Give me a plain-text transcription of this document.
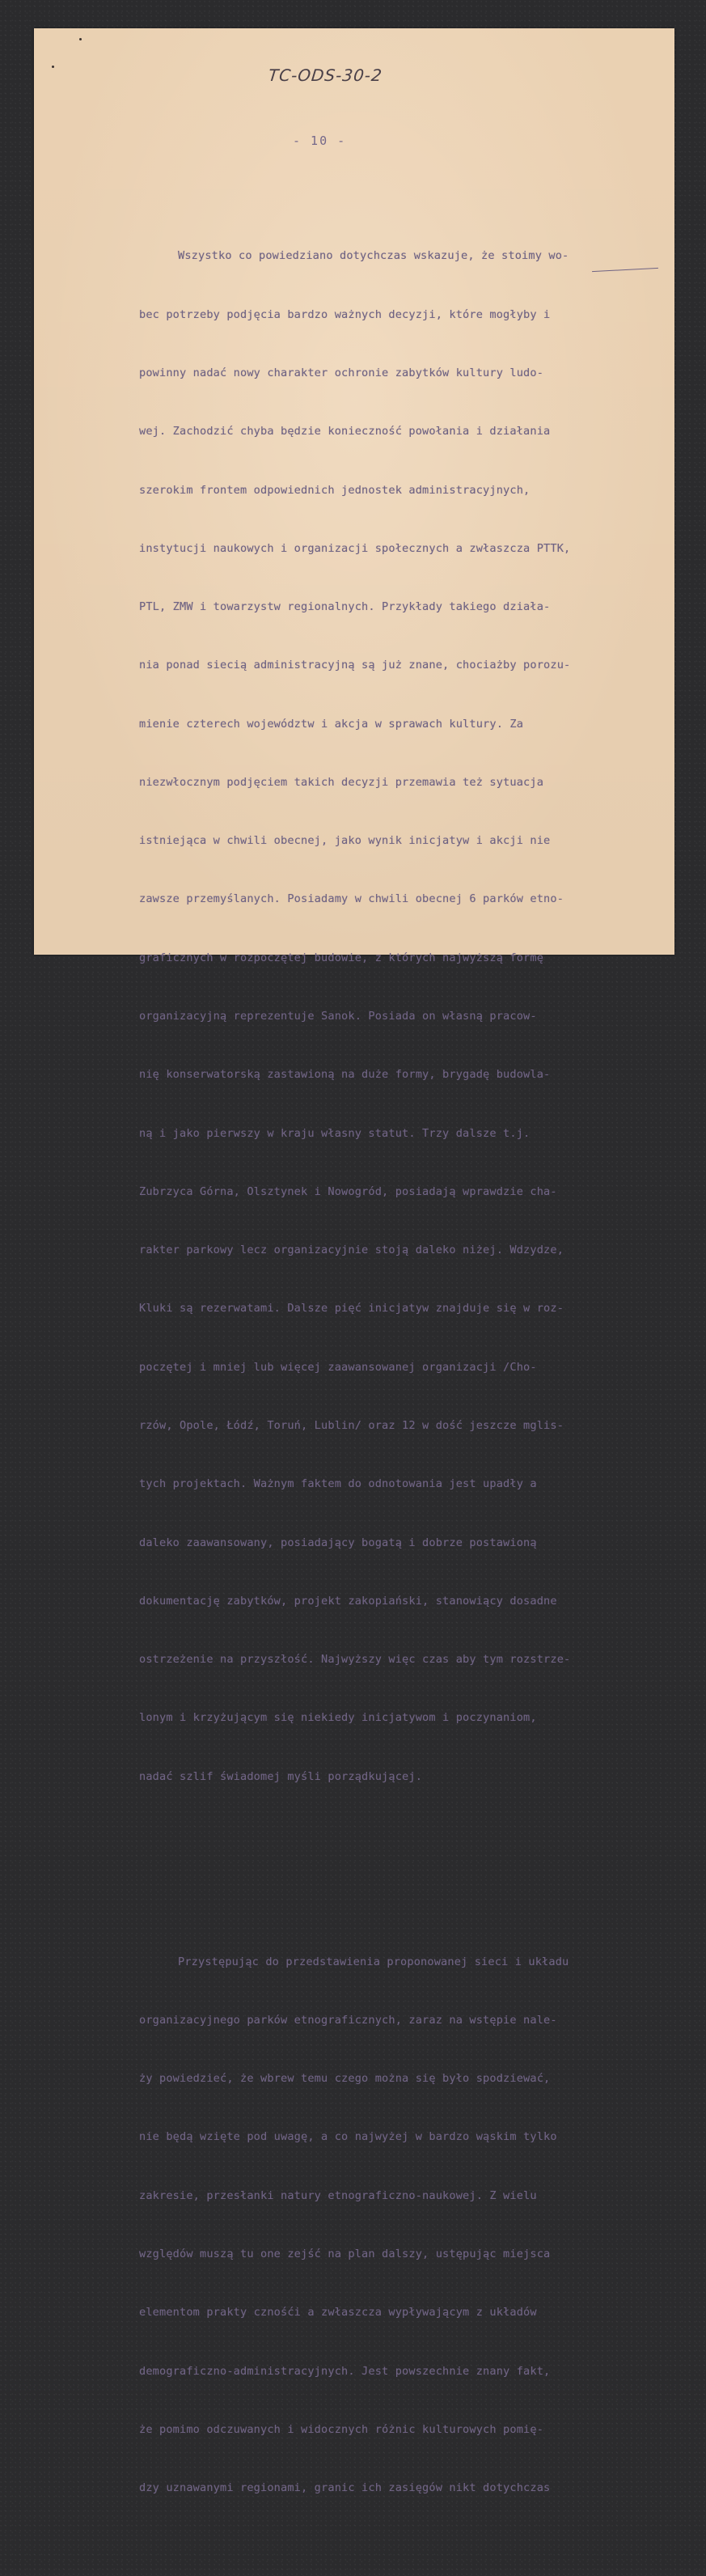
TC-ODS-30-2
- 10 -

Wszystko co powiedziano dotychczas wskazuje, że stoimy wo-

bec potrzeby podjęcia bardzo ważnych decyzji, które mogłyby i

powinny nadać nowy charakter ochronie zabytków kultury ludo-

wej. Zachodzić chyba będzie konieczność powołania i działania

szerokim frontem odpowiednich jednostek administracyjnych,

instytucji naukowych i organizacji społecznych a zwłaszcza PTTK,

PTL, ZMW i towarzystw regionalnych. Przykłady takiego działa-

nia ponad siecią administracyjną są już znane, chociażby porozu-

mienie czterech województw i akcja w sprawach kultury. Za

niezwłocznym podjęciem takich decyzji przemawia też sytuacja

istniejąca w chwili obecnej, jako wynik inicjatyw i akcji nie

zawsze przemyślanych. Posiadamy w chwili obecnej 6 parków etno-

graficznych w rozpoczętej budowie, z których najwyższą formę

organizacyjną reprezentuje Sanok. Posiada on własną pracow-

nię konserwatorską zastawioną na duże formy, brygadę budowla-

ną i jako pierwszy w kraju własny statut. Trzy dalsze t.j.

Zubrzyca Górna, Olsztynek i Nowogród, posiadają wprawdzie cha-

rakter parkowy lecz organizacyjnie stoją daleko niżej. Wdzydze,

Kluki są rezerwatami. Dalsze pięć inicjatyw znajduje się w roz-

poczętej i mniej lub więcej zaawansowanej organizacji /Cho-

rzów, Opole, Łódź, Toruń, Lublin/ oraz 12 w dość jeszcze mglis-

tych projektach. Ważnym faktem do odnotowania jest upadły a

daleko zaawansowany, posiadający bogatą i dobrze postawioną

dokumentację zabytków, projekt zakopiański, stanowiący dosadne

ostrzeżenie na przyszłość. Najwyższy więc czas aby tym rozstrze-

lonym i krzyżującym się niekiedy inicjatywom i poczynaniom,

nadać szlif świadomej myśli porządkującej.

Przystępując do przedstawienia proponowanej sieci i układu

organizacyjnego parków etnograficznych, zaraz na wstępie nale-

ży powiedzieć, że wbrew temu czego można się było spodziewać,

nie będą wzięte pod uwagę, a co najwyżej w bardzo wąskim tylko

zakresie, przesłanki natury etnograficzno-naukowej. Z wielu

względów muszą tu one zejść na plan dalszy, ustępując miejsca

elementom prakty cznośći a zwłaszcza wypływającym z układów

demograficzno-administracyjnych. Jest powszechnie znany fakt,

że pomimo odczuwanych i widocznych różnic kulturowych pomię-

dzy uznawanymi regionami, granic ich zasięgów nikt dotychczas
